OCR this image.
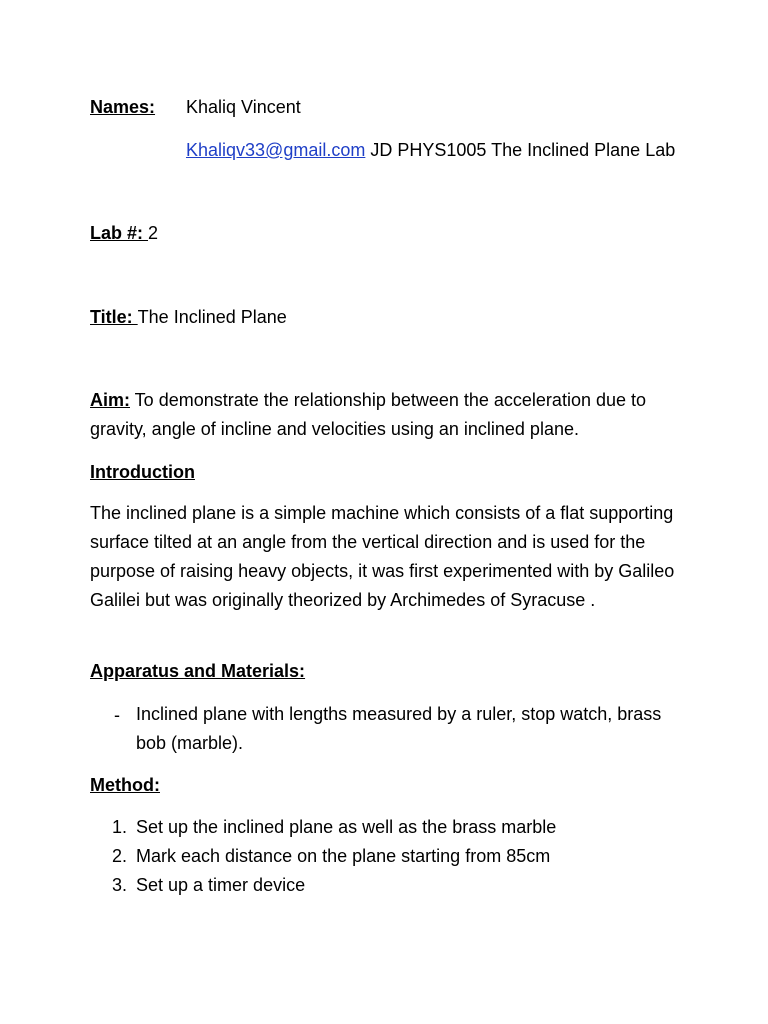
Names: Khaliq Vincent
Khaliqv33@gmail.com JD PHYS1005 The Inclined Plane Lab
Lab #: 2
Title: The Inclined Plane

Aim: To demonstrate the relationship between the acceleration due to gravity, angle of incline and velocities using an inclined plane.

Introduction

The inclined plane is a simple machine which consists of a flat supporting surface tilted at an angle from the vertical direction and is used for the purpose of raising heavy objects, it was first experimented with by Galileo Galilei but was originally theorized by Archimedes of Syracuse .

Apparatus and Materials:
- Inclined plane with lengths measured by a ruler, stop watch, brass bob (marble).

Method:
1. Set up the inclined plane as well as the brass marble
2. Mark each distance on the plane starting from 85cm
3. Set up a timer device
